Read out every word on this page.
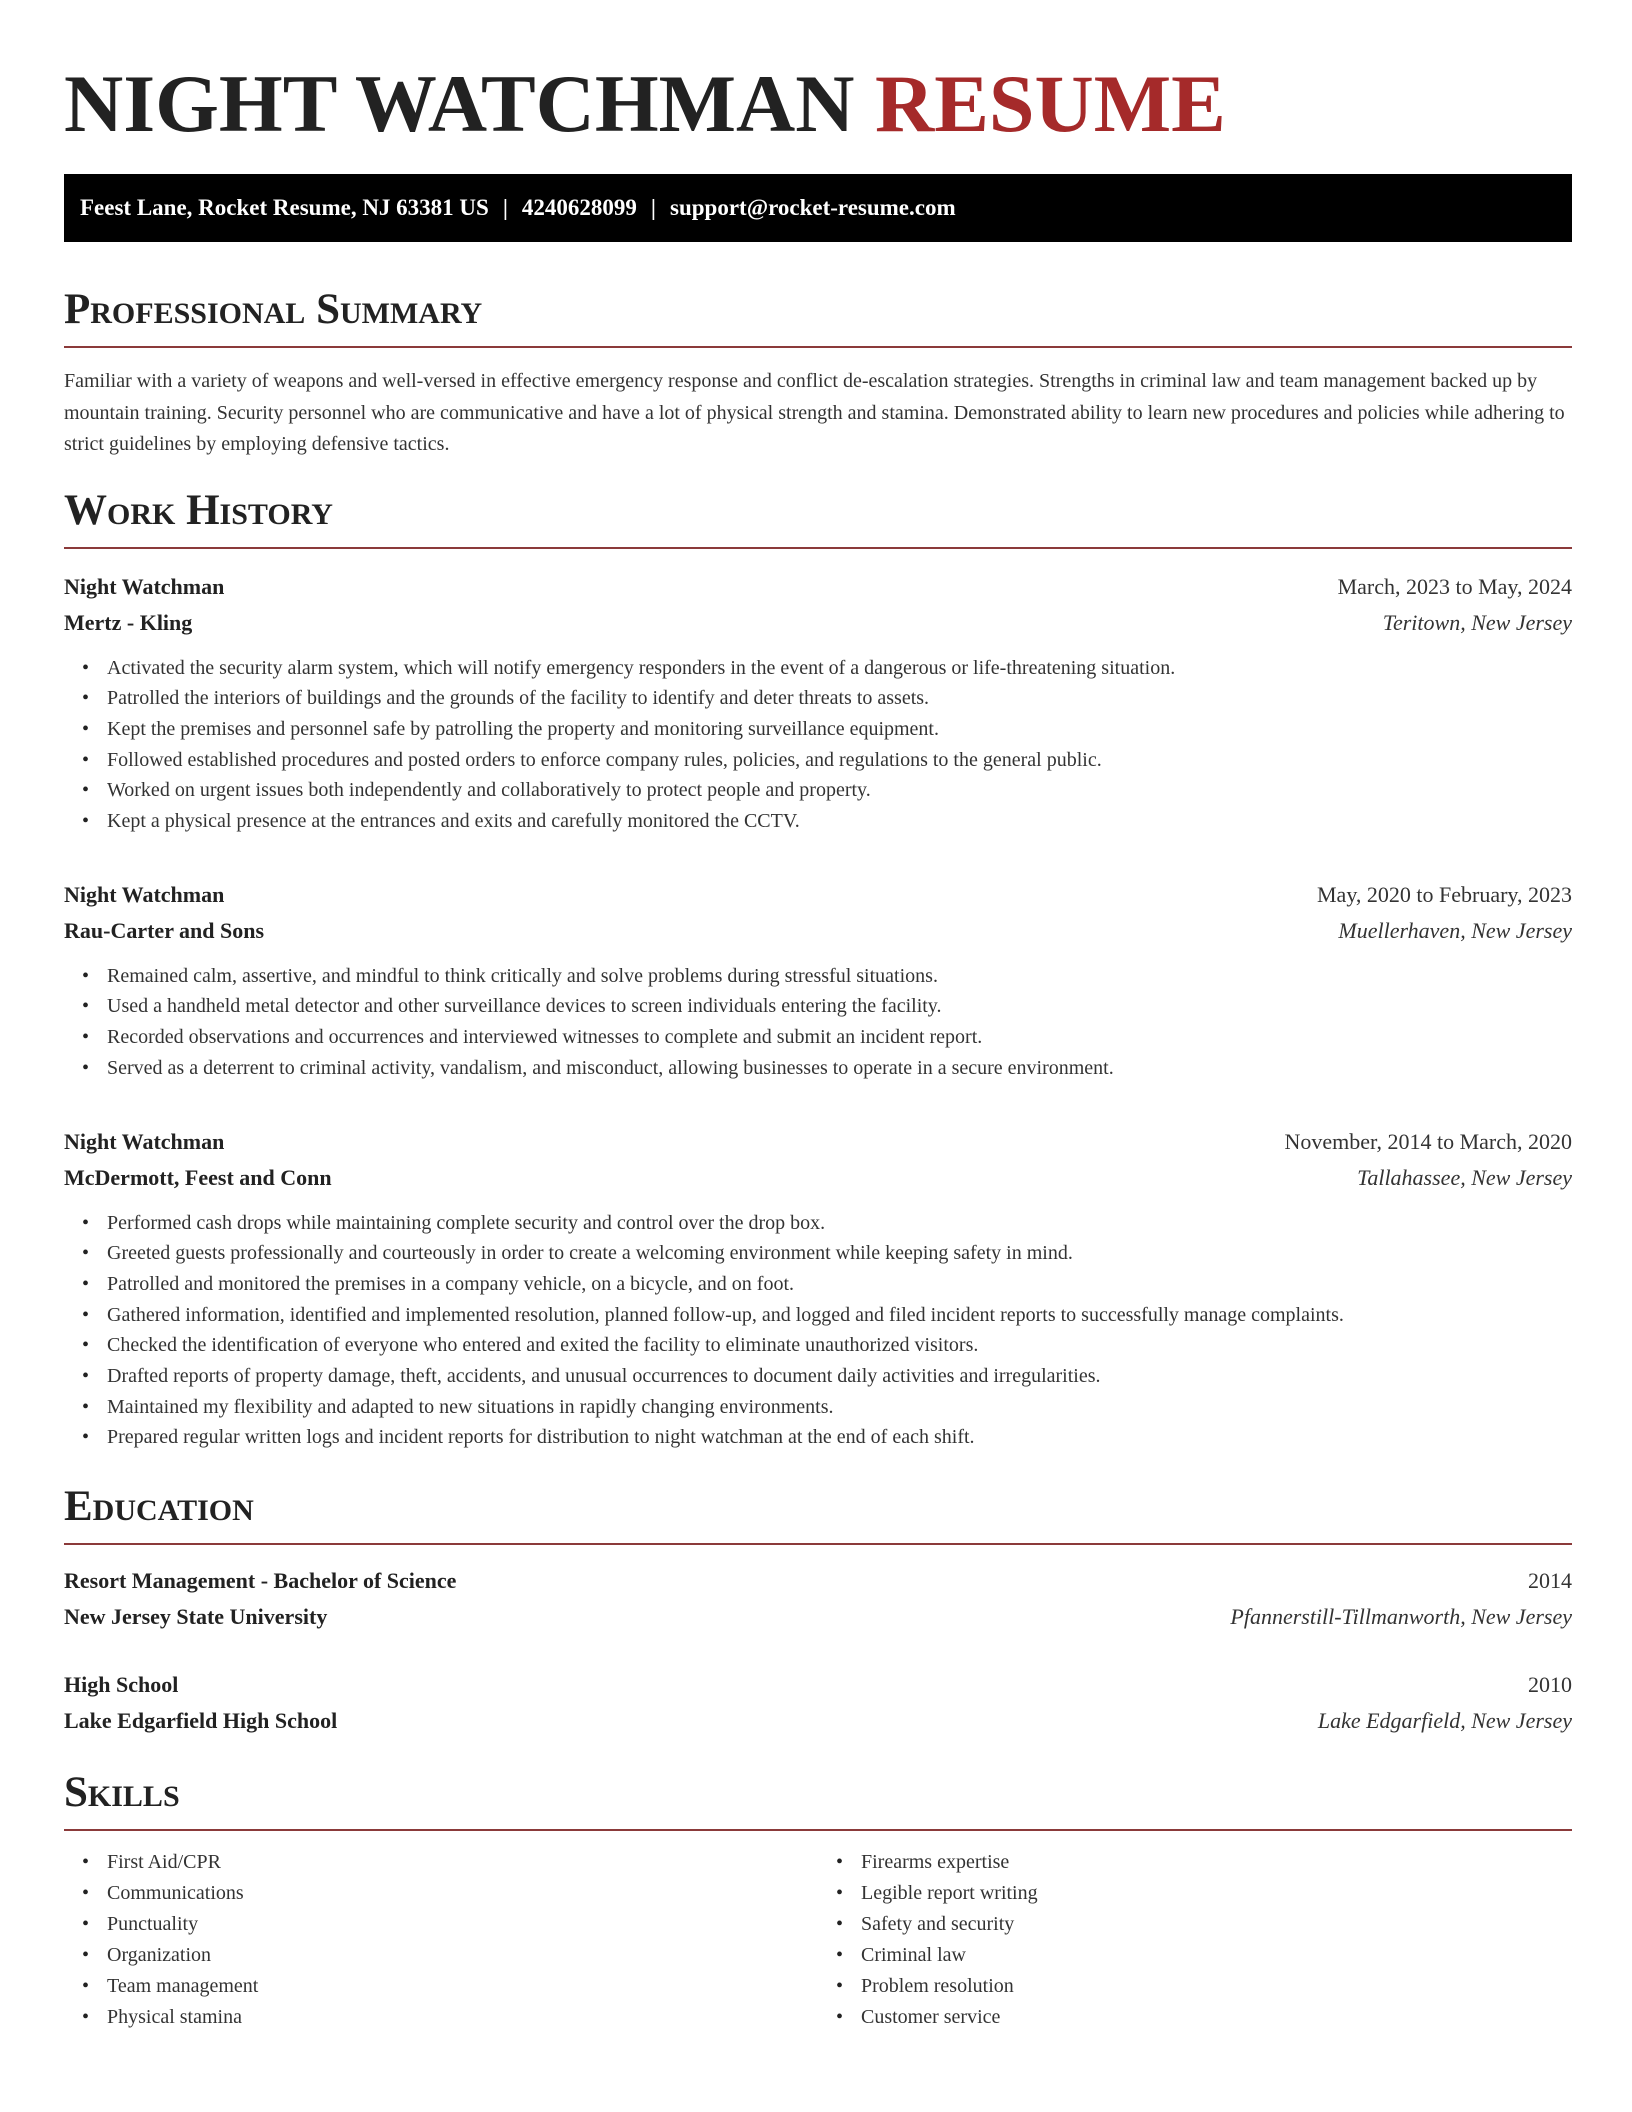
NIGHT WATCHMAN RESUME
Feest Lane, Rocket Resume, NJ 63381 US | 4240628099 | support@rocket-resume.com
Professional Summary
Familiar with a variety of weapons and well-versed in effective emergency response and conflict de-escalation strategies. Strengths in criminal law and team management backed up by mountain training. Security personnel who are communicative and have a lot of physical strength and stamina. Demonstrated ability to learn new procedures and policies while adhering to strict guidelines by employing defensive tactics.
Work History
Night Watchman	March, 2023 to May, 2024
Mertz - Kling	Teritown, New Jersey
• Activated the security alarm system, which will notify emergency responders in the event of a dangerous or life-threatening situation.
• Patrolled the interiors of buildings and the grounds of the facility to identify and deter threats to assets.
• Kept the premises and personnel safe by patrolling the property and monitoring surveillance equipment.
• Followed established procedures and posted orders to enforce company rules, policies, and regulations to the general public.
• Worked on urgent issues both independently and collaboratively to protect people and property.
• Kept a physical presence at the entrances and exits and carefully monitored the CCTV.
Night Watchman	May, 2020 to February, 2023
Rau-Carter and Sons	Muellerhaven, New Jersey
• Remained calm, assertive, and mindful to think critically and solve problems during stressful situations.
• Used a handheld metal detector and other surveillance devices to screen individuals entering the facility.
• Recorded observations and occurrences and interviewed witnesses to complete and submit an incident report.
• Served as a deterrent to criminal activity, vandalism, and misconduct, allowing businesses to operate in a secure environment.
Night Watchman	November, 2014 to March, 2020
McDermott, Feest and Conn	Tallahassee, New Jersey
• Performed cash drops while maintaining complete security and control over the drop box.
• Greeted guests professionally and courteously in order to create a welcoming environment while keeping safety in mind.
• Patrolled and monitored the premises in a company vehicle, on a bicycle, and on foot.
• Gathered information, identified and implemented resolution, planned follow-up, and logged and filed incident reports to successfully manage complaints.
• Checked the identification of everyone who entered and exited the facility to eliminate unauthorized visitors.
• Drafted reports of property damage, theft, accidents, and unusual occurrences to document daily activities and irregularities.
• Maintained my flexibility and adapted to new situations in rapidly changing environments.
• Prepared regular written logs and incident reports for distribution to night watchman at the end of each shift.
Education
Resort Management - Bachelor of Science	2014
New Jersey State University	Pfannerstill-Tillmanworth, New Jersey
High School	2010
Lake Edgarfield High School	Lake Edgarfield, New Jersey
Skills
• First Aid/CPR
• Communications
• Punctuality
• Organization
• Team management
• Physical stamina
• Firearms expertise
• Legible report writing
• Safety and security
• Criminal law
• Problem resolution
• Customer service
